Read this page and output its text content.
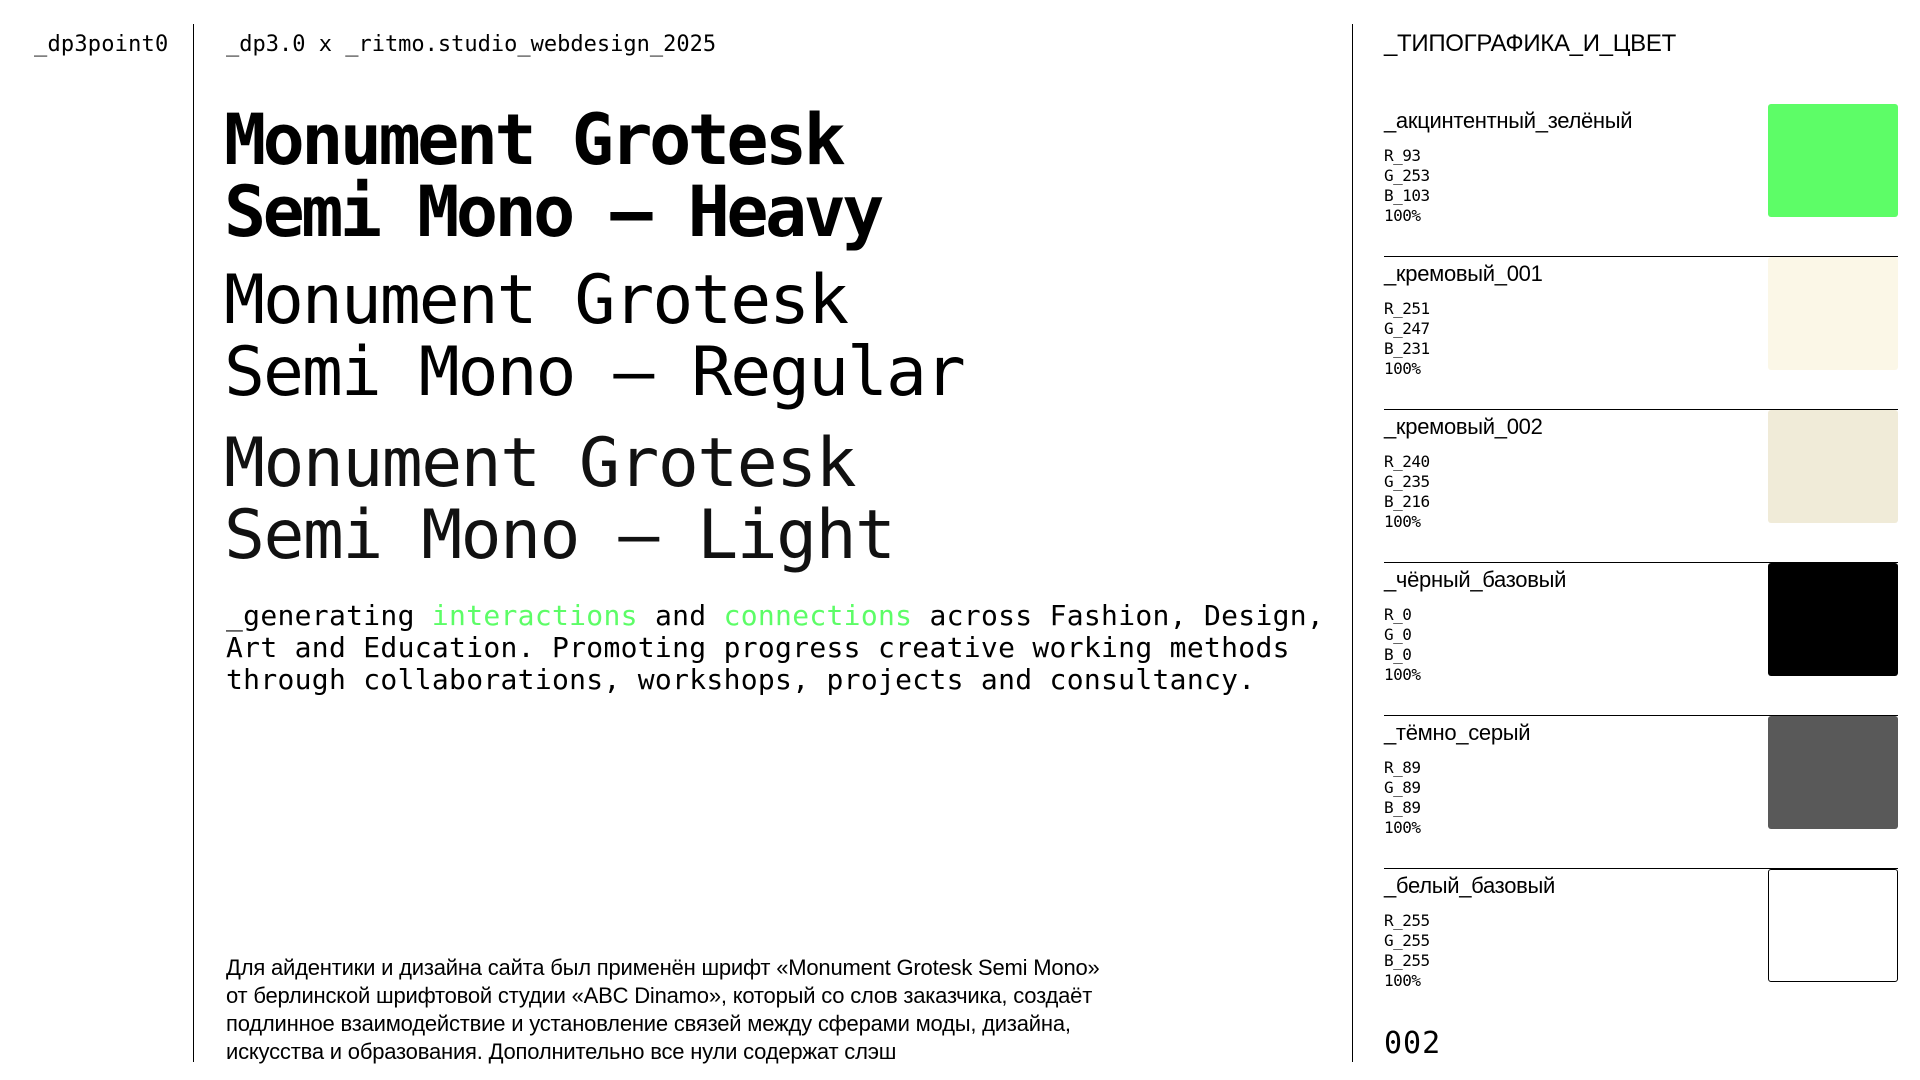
_dp3point0	_dp3.0 x _ritmo.studio_webdesign_2025
Monument Grotesk
Semi Mono — Heavy
Monument Grotesk
Semi Mono — Regular
Monument Grotesk
Semi Mono — Light
_generating interactions and connections across Fashion, Design,
Art and Education. Promoting progress creative working methods
through collaborations, workshops, projects and consultancy.
Для айдентики и дизайна сайта был применён шрифт «Monument Grotesk Semi Mono»
от берлинской шрифтовой студии «ABC Dinamo», который со слов заказчика, создаёт
подлинное взаимодействие и установление связей между сферами моды, дизайна,
искусства и образования. Дополнительно все нули содержат слэш
_ТИПОГРАФИКА_И_ЦВЕТ
_акцинтентный_зелёный
R_93
G_253
B_103
100%
_кремовый_001
R_251
G_247
B_231
100%
_кремовый_002
R_240
G_235
B_216
100%
_чёрный_базовый
R_0
G_0
B_0
100%
_тёмно_серый
R_89
G_89
B_89
100%
_белый_базовый
R_255
G_255
B_255
100%
002
